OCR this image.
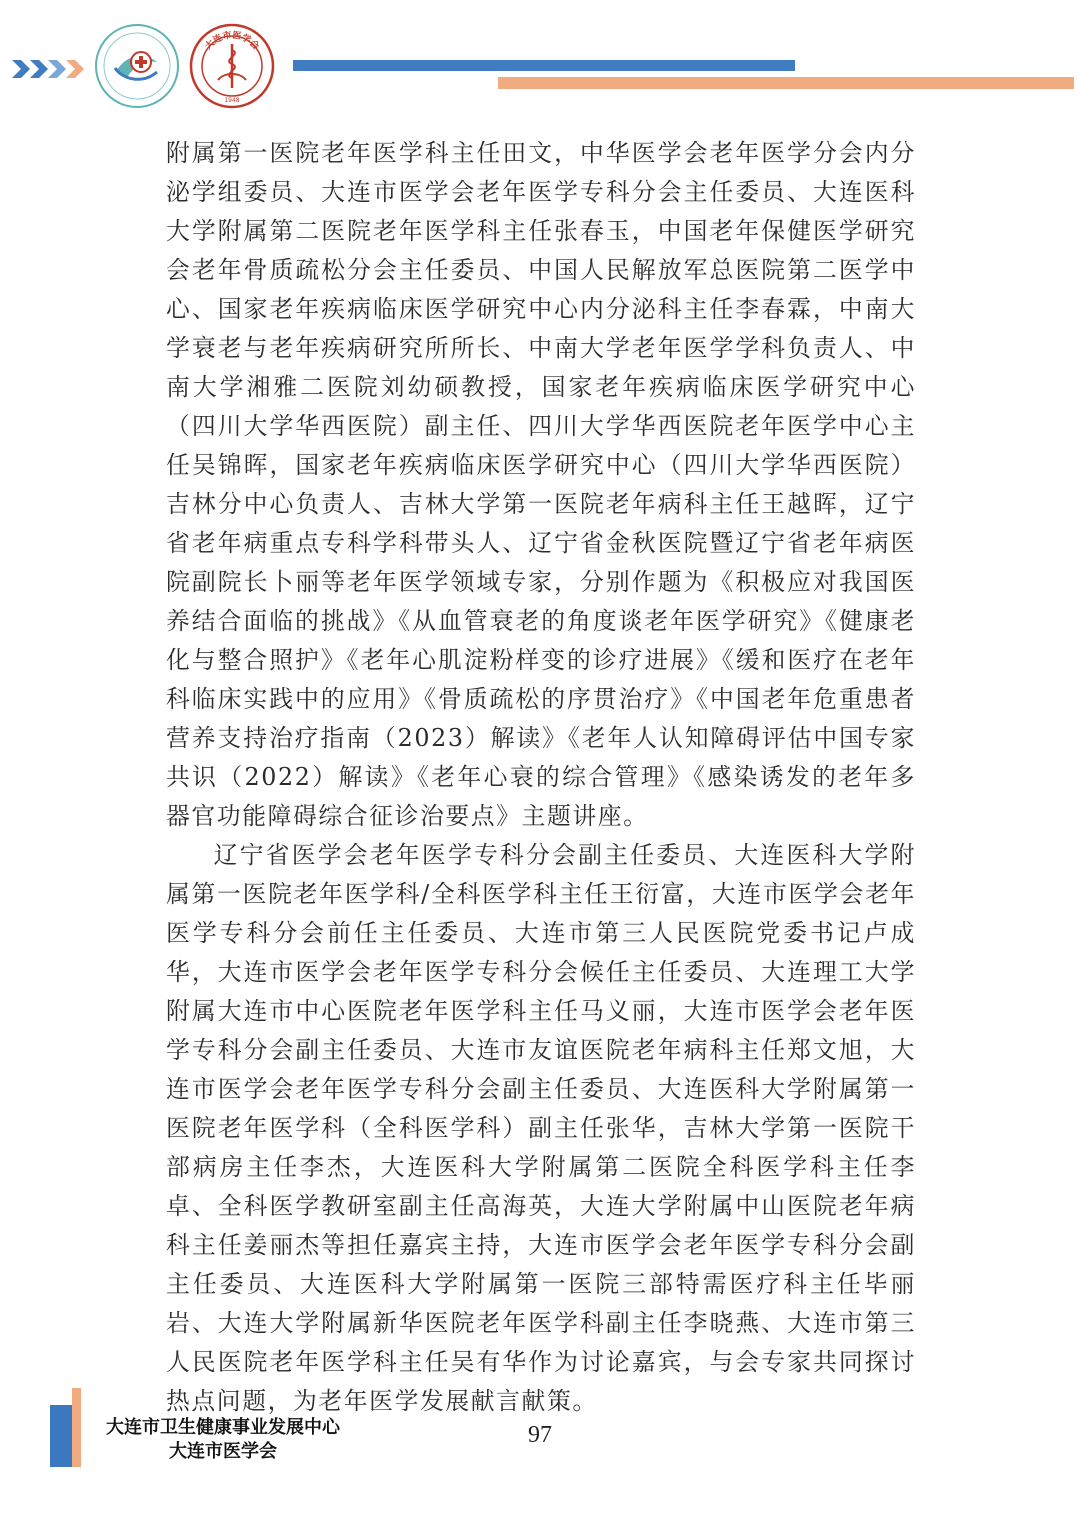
大连市医学会
1948

附属第一医院老年医学科主任田文，中华医学会老年医学分会内分泌学组委员、大连市医学会老年医学专科分会主任委员、大连医科大学附属第二医院老年医学科主任张春玉，中国老年保健医学研究会老年骨质疏松分会主任委员、中国人民解放军总医院第二医学中心、国家老年疾病临床医学研究中心内分泌科主任李春霖，中南大学衰老与老年疾病研究所所长、中南大学老年医学学科负责人、中南大学湘雅二医院刘幼硕教授，国家老年疾病临床医学研究中心（四川大学华西医院）副主任、四川大学华西医院老年医学中心主任吴锦晖，国家老年疾病临床医学研究中心（四川大学华西医院）吉林分中心负责人、吉林大学第一医院老年病科主任王越晖，辽宁省老年病重点专科学科带头人、辽宁省金秋医院暨辽宁省老年病医院副院长卜丽等老年医学领域专家，分别作题为《积极应对我国医养结合面临的挑战》《从血管衰老的角度谈老年医学研究》《健康老化与整合照护》《老年心肌淀粉样变的诊疗进展》《缓和医疗在老年科临床实践中的应用》《骨质疏松的序贯治疗》《中国老年危重患者营养支持治疗指南（2023）解读》《老年人认知障碍评估中国专家共识（2022）解读》《老年心衰的综合管理》《感染诱发的老年多器官功能障碍综合征诊治要点》主题讲座。

辽宁省医学会老年医学专科分会副主任委员、大连医科大学附属第一医院老年医学科/全科医学科主任王衍富，大连市医学会老年医学专科分会前任主任委员、大连市第三人民医院党委书记卢成华，大连市医学会老年医学专科分会候任主任委员、大连理工大学附属大连市中心医院老年医学科主任马义丽，大连市医学会老年医学专科分会副主任委员、大连市友谊医院老年病科主任郑文旭，大连市医学会老年医学专科分会副主任委员、大连医科大学附属第一医院老年医学科（全科医学科）副主任张华，吉林大学第一医院干部病房主任李杰，大连医科大学附属第二医院全科医学科主任李卓、全科医学教研室副主任高海英，大连大学附属中山医院老年病科主任姜丽杰等担任嘉宾主持，大连市医学会老年医学专科分会副主任委员、大连医科大学附属第一医院三部特需医疗科主任毕丽岩、大连大学附属新华医院老年医学科副主任李晓燕、大连市第三人民医院老年医学科主任吴有华作为讨论嘉宾，与会专家共同探讨热点问题，为老年医学发展献言献策。

大连市卫生健康事业发展中心
大连市医学会
97
